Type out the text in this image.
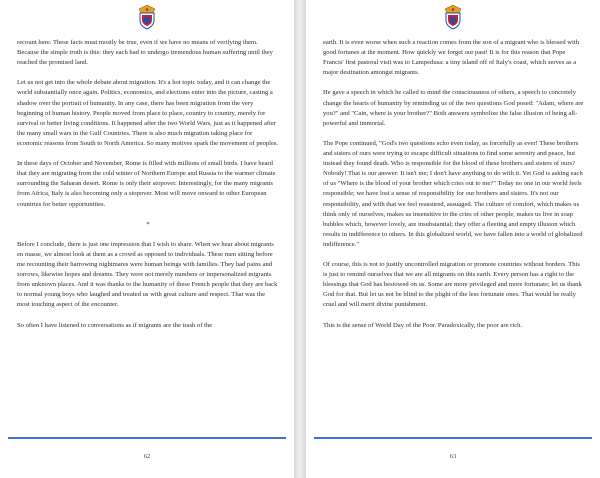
recount here. These facts must mostly be true, even if we have no means of verifying them. Because the simple truth is this: they each had to undergo tremendous human suffering until they reached the promised land.

Let us not get into the whole debate about migration. It's a hot topic today, and it can change the world substantially once again. Politics, economics, and elections enter into the picture, casting a shadow over the portrait of humanity. In any case, there has been migration from the very beginning of human history. People moved from place to place, country to country, merely for survival or better living conditions. It happened after the two World Wars, just as it happened after the many small wars in the Gulf Countries. There is also much migration taking place for economic reasons from South to North America. So many motives spark the movement of peoples.

In these days of October and November, Rome is filled with millions of small birds. I have heard that they are migrating from the cold winter of Northern Europe and Russia to the warmer climate surrounding the Saharan desert. Rome is only their stopover. Interestingly, for the many migrants from Africa, Italy is also becoming only a stopover. Most will move onward to other European countries for better opportunities.

*

Before I conclude, there is just one impression that I wish to share. When we hear about migrants en masse, we almost look at them as a crowd as opposed to individuals. These men sitting before me recounting their harrowing nightmares were human beings with families. They had pains and sorrows, likewise hopes and dreams. They were not merely numbers or impersonalized migrants from unknown places. And it was thanks to the humanity of these French people that they are back to normal young boys who laughed and treated us with great culture and respect. That was the most touching aspect of the encounter.

So often I have listened to conversations as if migrants are the trash of the

62

earth. It is even worse when such a reaction comes from the son of a migrant who is blessed with good fortunes at the moment. How quickly we forget our past! It is for this reason that Pope Francis' first pastoral visit was to Lampedusa: a tiny island off of Italy's coast, which serves as a major destination amongst migrants.

He gave a speech in which he called to mind the consciousness of others, a speech to concretely change the hearts of humanity by reminding us of the two questions God posed: "Adam, where are you?" and "Cain, where is your brother?" Both answers symbolize the false illusion of being all-powerful and immortal.

The Pope continued, "God's two questions echo even today, as forcefully as ever! These brothers and sisters of ours were trying to escape difficult situations to find some serenity and peace, but instead they found death. Who is responsible for the blood of these brothers and sisters of ours? Nobody! That is our answer: It isn't me; I don't have anything to do with it. Yet God is asking each of us "Where is the blood of your brother which cries out to me?" Today no one in our world feels responsible; we have lost a sense of responsibility for our brothers and sisters. It's not our responsibility, and with that we feel reassured, assuaged. The culture of comfort, which makes us think only of ourselves, makes us insensitive to the cries of other people, makes us live in soap bubbles which, however lovely, are insubstantial; they offer a fleeting and empty illusion which results in indifference to others. In this globalized world, we have fallen into a world of globalized indifference."

Of course, this is not to justify uncontrolled migration or promote countries without borders. This is just to remind ourselves that we are all migrants on this earth. Every person has a right to the blessings that God has bestowed on us. Some are more privileged and more fortunate; let us thank God for that. But let us not be blind to the plight of the less fortunate ones. That would be really cruel and will merit divine punishment.

This is the sense of World Day of the Poor. Paradoxically, the poor are rich.

63
